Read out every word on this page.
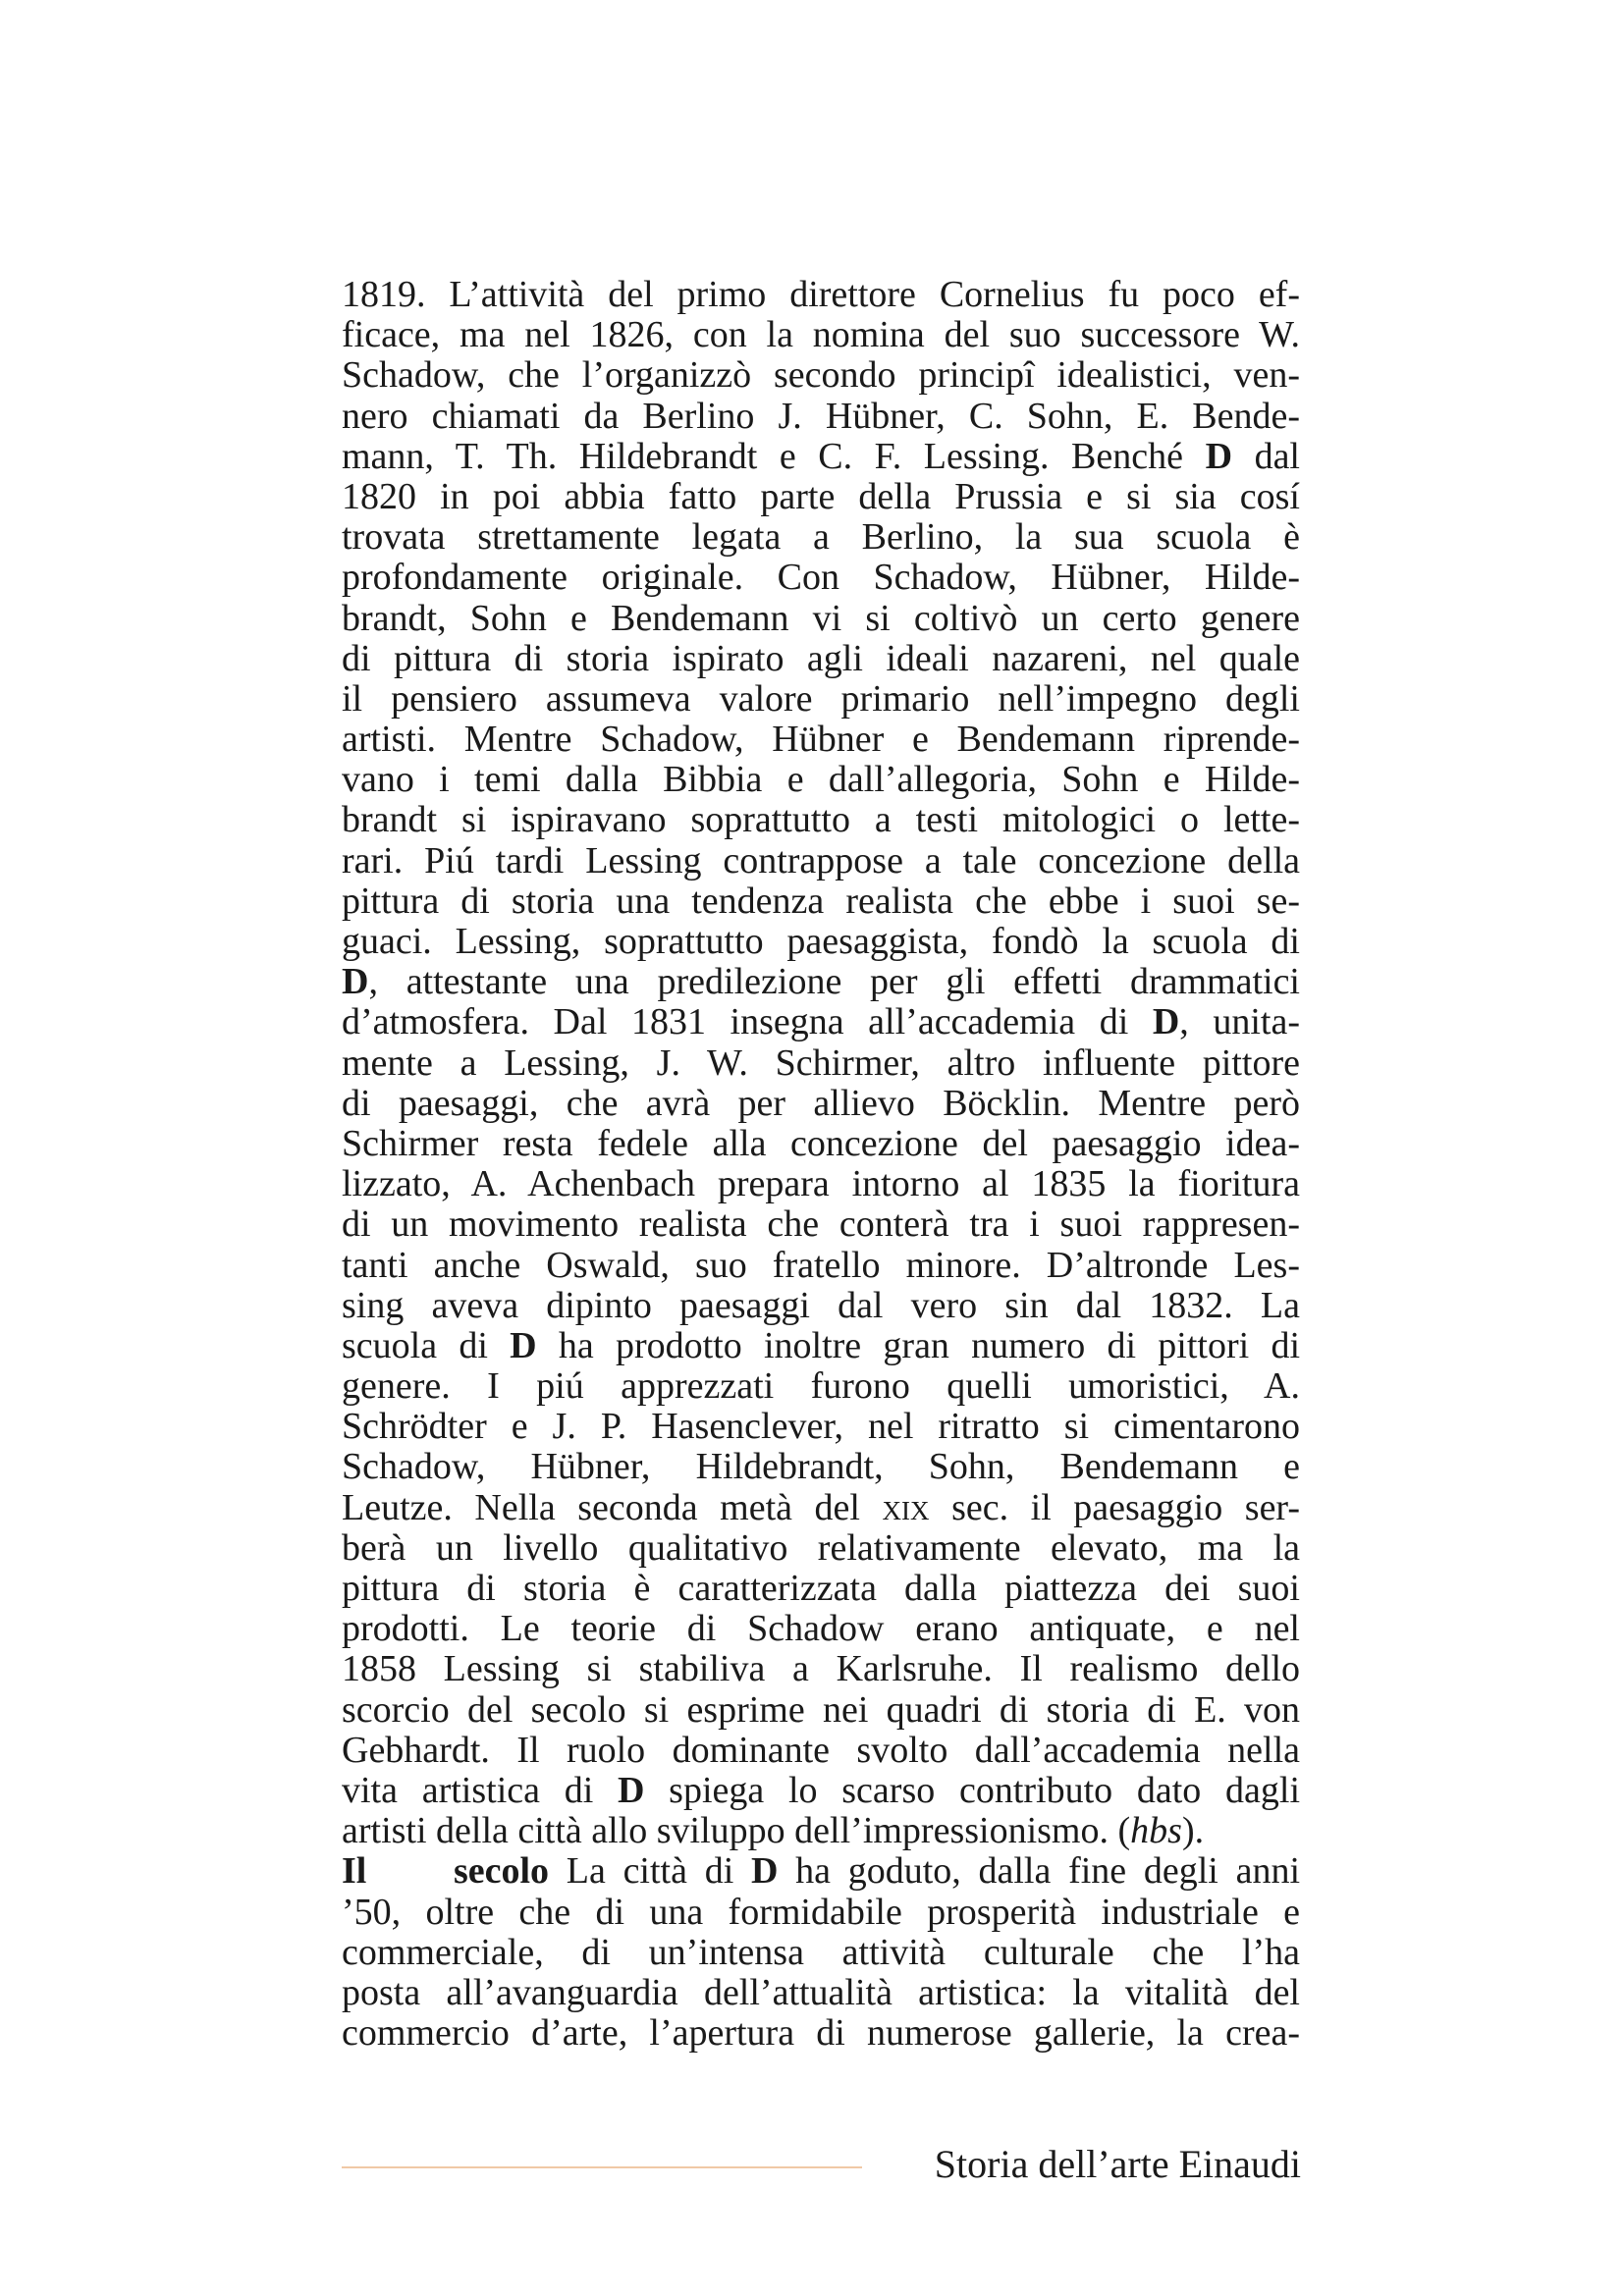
1819. L’attività del primo direttore Cornelius fu poco ef-
ficace, ma nel 1826, con la nomina del suo successore W.
Schadow, che l’organizzò secondo principî idealistici, ven-
nero chiamati da Berlino J. Hübner, C. Sohn, E. Bende-
mann, T. Th. Hildebrandt e C. F. Lessing. Benché D dal
1820 in poi abbia fatto parte della Prussia e si sia cosí
trovata strettamente legata a Berlino, la sua scuola è
profondamente originale. Con Schadow, Hübner, Hilde-
brandt, Sohn e Bendemann vi si coltivò un certo genere
di pittura di storia ispirato agli ideali nazareni, nel quale
il pensiero assumeva valore primario nell’impegno degli
artisti. Mentre Schadow, Hübner e Bendemann riprende-
vano i temi dalla Bibbia e dall’allegoria, Sohn e Hilde-
brandt si ispiravano soprattutto a testi mitologici o lette-
rari. Piú tardi Lessing contrappose a tale concezione della
pittura di storia una tendenza realista che ebbe i suoi se-
guaci. Lessing, soprattutto paesaggista, fondò la scuola di
D, attestante una predilezione per gli effetti drammatici
d’atmosfera. Dal 1831 insegna all’accademia di D, unita-
mente a Lessing, J. W. Schirmer, altro influente pittore
di paesaggi, che avrà per allievo Böcklin. Mentre però
Schirmer resta fedele alla concezione del paesaggio idea-
lizzato, A. Achenbach prepara intorno al 1835 la fioritura
di un movimento realista che conterà tra i suoi rappresen-
tanti anche Oswald, suo fratello minore. D’altronde Les-
sing aveva dipinto paesaggi dal vero sin dal 1832. La
scuola di D ha prodotto inoltre gran numero di pittori di
genere. I piú apprezzati furono quelli umoristici, A.
Schrödter e J. P. Hasenclever, nel ritratto si cimentarono
Schadow, Hübner, Hildebrandt, Sohn, Bendemann e
Leutze. Nella seconda metà del xix sec. il paesaggio ser-
berà un livello qualitativo relativamente elevato, ma la
pittura di storia è caratterizzata dalla piattezza dei suoi
prodotti. Le teorie di Schadow erano antiquate, e nel
1858 Lessing si stabiliva a Karlsruhe. Il realismo dello
scorcio del secolo si esprime nei quadri di storia di E. von
Gebhardt. Il ruolo dominante svolto dall’accademia nella
vita artistica di D spiega lo scarso contributo dato dagli
artisti della città allo sviluppo dell’impressionismo. (hbs).
Il secolo La città di D ha goduto, dalla fine degli anni
’50, oltre che di una formidabile prosperità industriale e
commerciale, di un’intensa attività culturale che l’ha
posta all’avanguardia dell’attualità artistica: la vitalità del
commercio d’arte, l’apertura di numerose gallerie, la crea-
Storia dell’arte Einaudi
